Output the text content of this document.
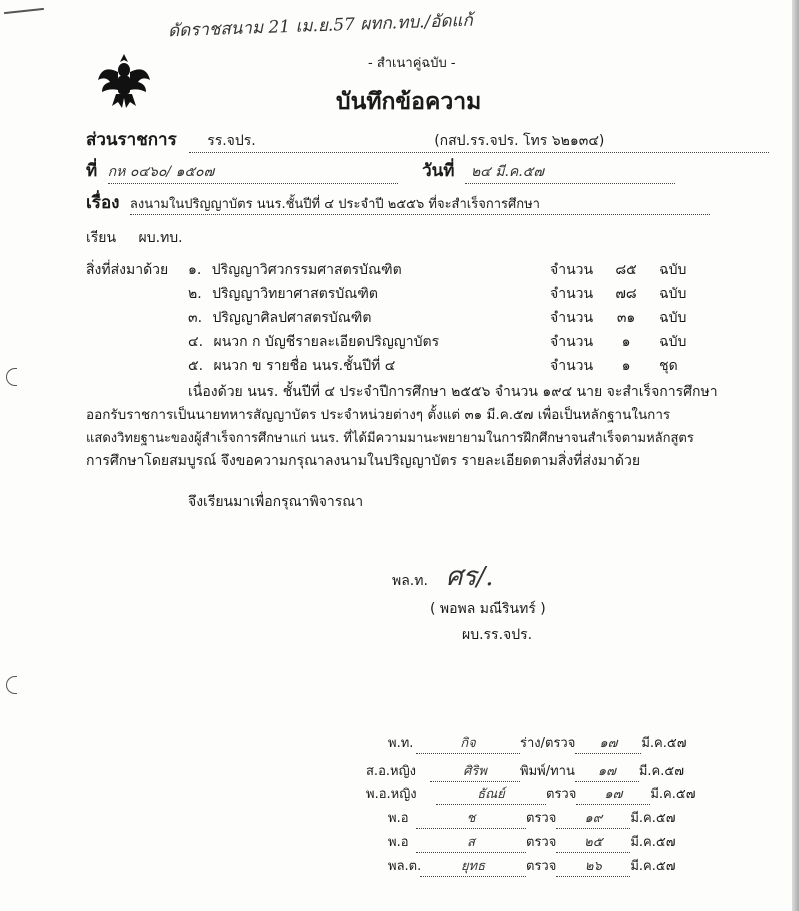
ดัดราชสนาม 21 เม.ย.57 ผทก.ทบ./อัดแก้
- สำเนาคู่ฉบับ -
บันทึกข้อความ
ส่วนราชการ รร.จปร.	(กสป.รร.จปร. โทร ๖๒๑๓๔)
ที่ กห ๐๔๖๐/ ๑๕๐๗	วันที่ ๒๔ มี.ค.๕๗
เรื่อง ลงนามในปริญญาบัตร นนร.ชั้นปีที่ ๔ ประจำปี ๒๕๕๖ ที่จะสำเร็จการศึกษา
เรียน ผบ.ทบ.
สิ่งที่ส่งมาด้วย ๑. ปริญญาวิศวกรรมศาสตรบัณฑิต	จำนวน ๘๕ ฉบับ
๒. ปริญญาวิทยาศาสตรบัณฑิต	จำนวน ๗๘ ฉบับ
๓. ปริญญาศิลปศาสตรบัณฑิต	จำนวน ๓๑ ฉบับ
๔. ผนวก ก บัญชีรายละเอียดปริญญาบัตร	จำนวน ๑ ฉบับ
๕. ผนวก ข รายชื่อ นนร.ชั้นปีที่ ๔	จำนวน ๑ ชุด
เนื่องด้วย นนร. ชั้นปีที่ ๔ ประจำปีการศึกษา ๒๕๕๖ จำนวน ๑๙๔ นาย จะสำเร็จการศึกษา
ออกรับราชการเป็นนายทหารสัญญาบัตร ประจำหน่วยต่างๆ ตั้งแต่ ๓๑ มี.ค.๕๗ เพื่อเป็นหลักฐานในการ
แสดงวิทยฐานะของผู้สำเร็จการศึกษาแก่ นนร. ที่ได้มีความมานะพยายามในการฝึกศึกษาจนสำเร็จตามหลักสูตร
การศึกษาโดยสมบูรณ์ จึงขอความกรุณาลงนามในปริญญาบัตร รายละเอียดตามสิ่งที่ส่งมาด้วย
จึงเรียนมาเพื่อกรุณาพิจารณา
พล.ท. ศร/.
( พอพล มณีรินทร์ )
ผบ.รร.จปร.
พ.ท.	กิจ	ร่าง/ตรวจ ๑๗ มี.ค.๕๗
ส.อ.หญิง	ศิริพ	พิมพ์/ทาน ๑๗ มี.ค.๕๗
พ.อ.หญิง	ธัณย์	ตรวจ ๑๗ มี.ค.๕๗
พ.อ	ช	ตรวจ ๑๙ มี.ค.๕๗
พ.อ	ส	ตรวจ ๒๕ มี.ค.๕๗
พล.ต.	ยุทธ	ตรวจ ๒๖ มี.ค.๕๗
